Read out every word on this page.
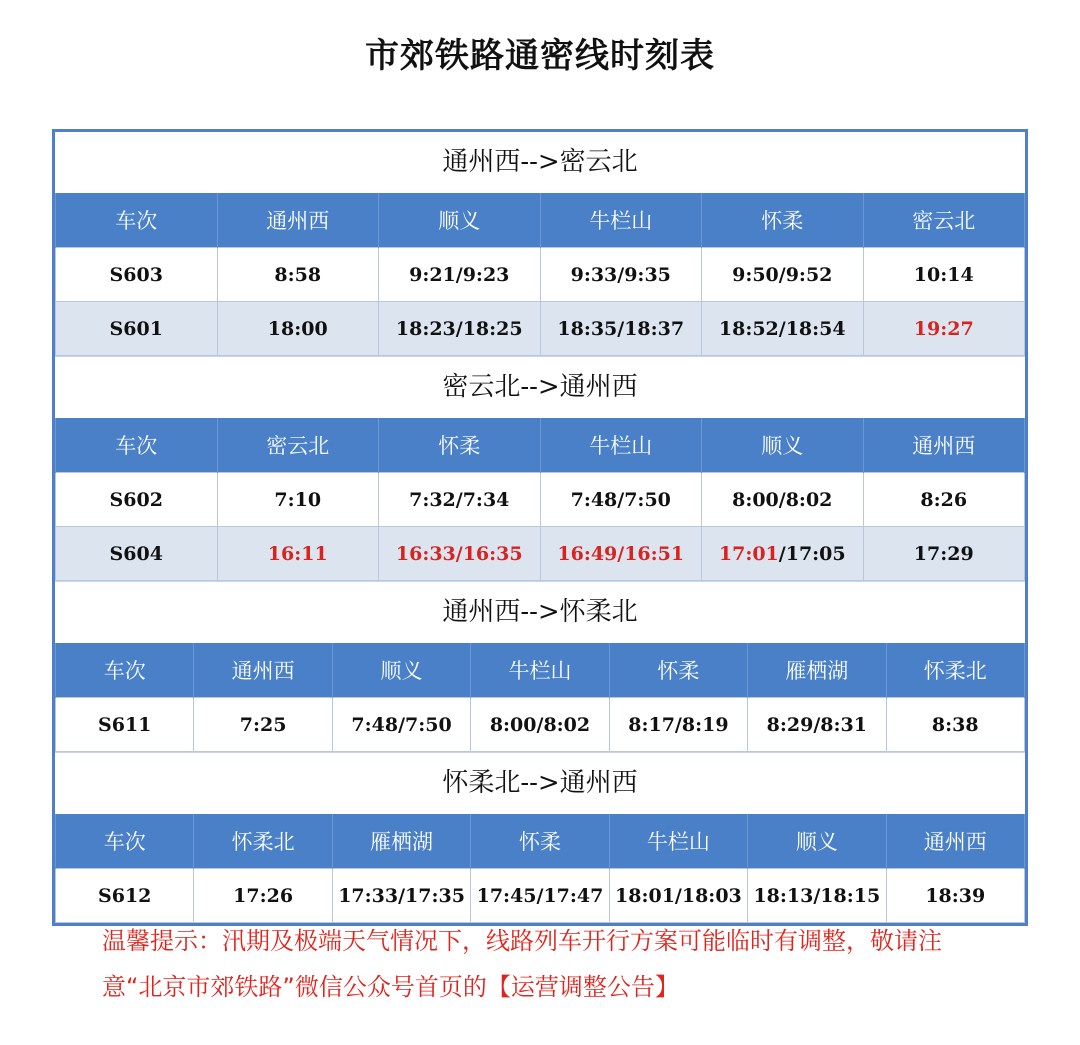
市郊铁路通密线时刻表
通州西-->密云北
车次	通州西	顺义	牛栏山	怀柔	密云北
S603	8:58	9:21/9:23	9:33/9:35	9:50/9:52	10:14
S601	18:00	18:23/18:25	18:35/18:37	18:52/18:54	19:27
密云北-->通州西
车次	密云北	怀柔	牛栏山	顺义	通州西
S602	7:10	7:32/7:34	7:48/7:50	8:00/8:02	8:26
S604	16:11	16:33/16:35	16:49/16:51	17:01/17:05	17:29
通州西-->怀柔北
车次	通州西	顺义	牛栏山	怀柔	雁栖湖	怀柔北
S611	7:25	7:48/7:50	8:00/8:02	8:17/8:19	8:29/8:31	8:38
怀柔北-->通州西
车次	怀柔北	雁栖湖	怀柔	牛栏山	顺义	通州西
S612	17:26	17:33/17:35	17:45/17:47	18:01/18:03	18:13/18:15	18:39
温馨提示：汛期及极端天气情况下，线路列车开行方案可能临时有调整，敬请注意“北京市郊铁路”微信公众号首页的【运营调整公告】
